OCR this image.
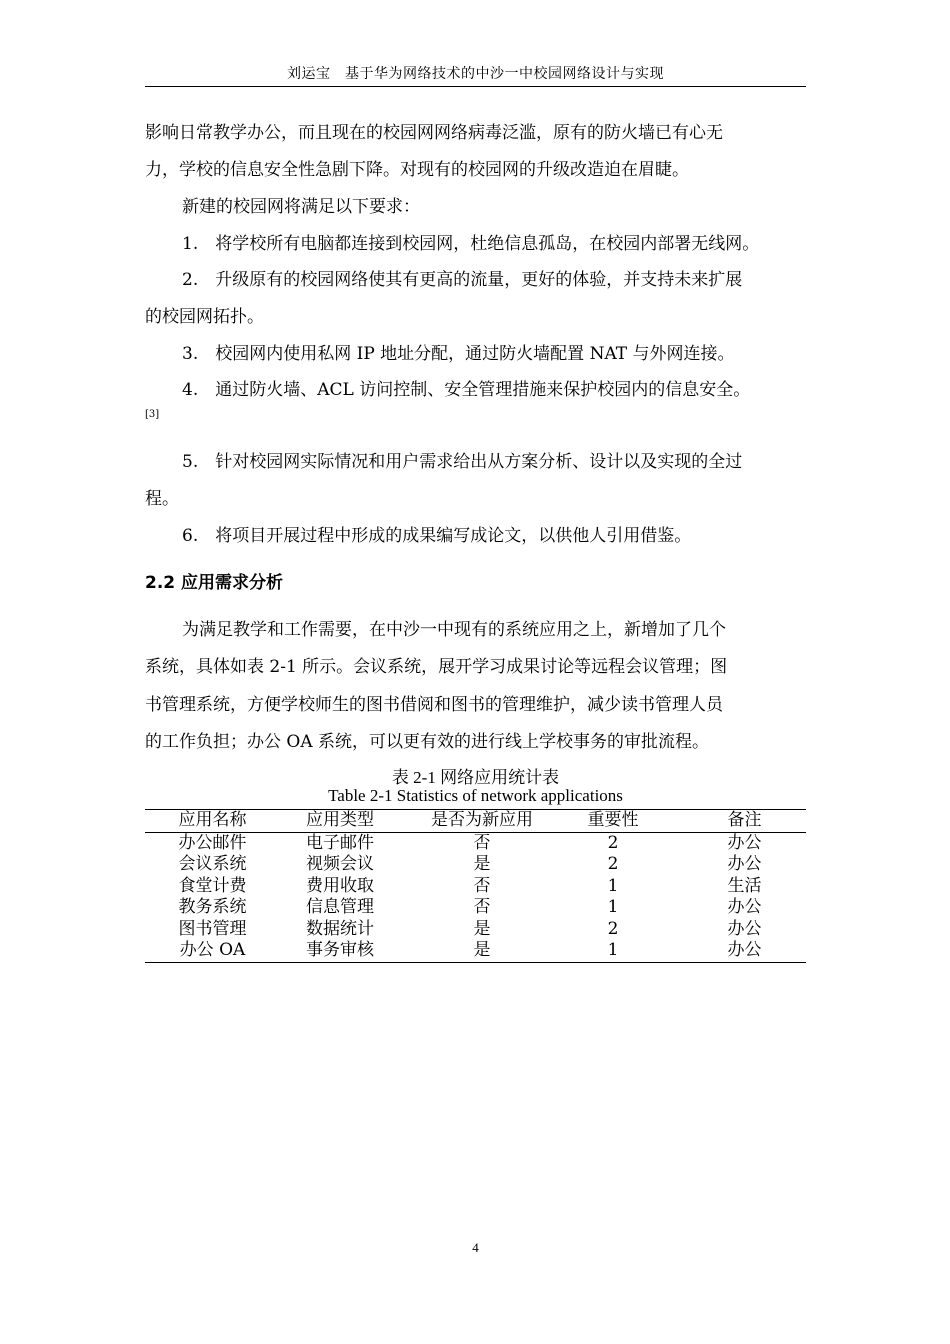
刘运宝　基于华为网络技术的中沙一中校园网络设计与实现
影响日常教学办公，而且现在的校园网网络病毒泛滥，原有的防火墙已有心无
力，学校的信息安全性急剧下降。对现有的校园网的升级改造迫在眉睫。
新建的校园网将满足以下要求：
1.　将学校所有电脑都连接到校园网，杜绝信息孤岛，在校园内部署无线网。
2.　升级原有的校园网络使其有更高的流量，更好的体验，并支持未来扩展
的校园网拓扑。
3.　校园网内使用私网 IP 地址分配，通过防火墙配置 NAT 与外网连接。
4.　通过防火墙、ACL 访问控制、安全管理措施来保护校园内的信息安全。
[3]
5.　针对校园网实际情况和用户需求给出从方案分析、设计以及实现的全过
程。
6.　将项目开展过程中形成的成果编写成论文，以供他人引用借鉴。
2.2 应用需求分析
为满足教学和工作需要，在中沙一中现有的系统应用之上，新增加了几个
系统，具体如表 2-1 所示。会议系统，展开学习成果讨论等远程会议管理；图
书管理系统，方便学校师生的图书借阅和图书的管理维护，减少读书管理人员
的工作负担；办公 OA 系统，可以更有效的进行线上学校事务的审批流程。
表 2-1 网络应用统计表
Table 2-1 Statistics of network applications
应用名称	应用类型	是否为新应用	重要性	备注
办公邮件	电子邮件	否	2	办公
会议系统	视频会议	是	2	办公
食堂计费	费用收取	否	1	生活
教务系统	信息管理	否	1	办公
图书管理	数据统计	是	2	办公
办公 OA	事务审核	是	1	办公
4
